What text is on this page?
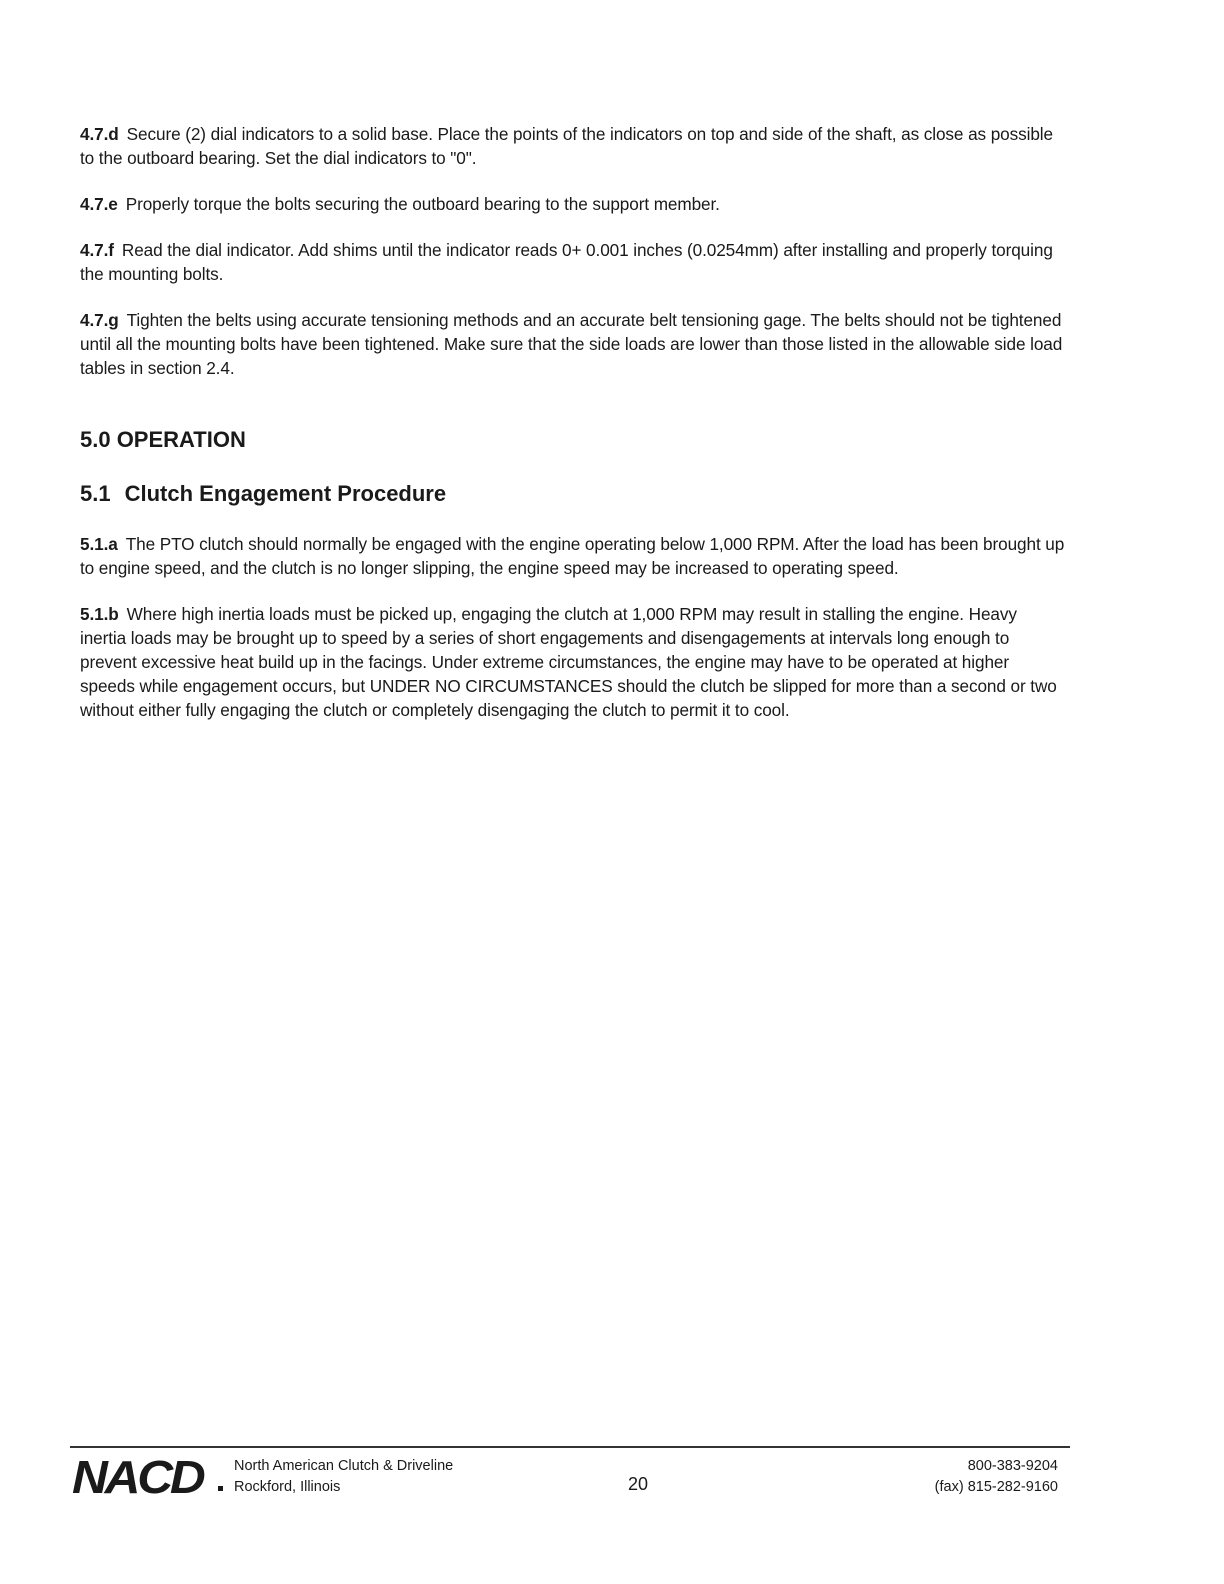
4.7.d Secure (2) dial indicators to a solid base. Place the points of the indicators on top and side of the shaft, as close as possible to the outboard bearing. Set the dial indicators to "0".

4.7.e Properly torque the bolts securing the outboard bearing to the support member.

4.7.f Read the dial indicator. Add shims until the indicator reads 0+ 0.001 inches (0.0254mm) after installing and properly torquing the mounting bolts.

4.7.g Tighten the belts using accurate tensioning methods and an accurate belt tensioning gage. The belts should not be tightened until all the mounting bolts have been tightened. Make sure that the side loads are lower than those listed in the allowable side load tables in section 2.4.

5.0 OPERATION
5.1 Clutch Engagement Procedure

5.1.a The PTO clutch should normally be engaged with the engine operating below 1,000 RPM. After the load has been brought up to engine speed, and the clutch is no longer slipping, the engine speed may be increased to operating speed.

5.1.b Where high inertia loads must be picked up, engaging the clutch at 1,000 RPM may result in stalling the engine. Heavy inertia loads may be brought up to speed by a series of short engagements and disengagements at intervals long enough to prevent excessive heat build up in the facings. Under extreme circumstances, the engine may have to be operated at higher speeds while engagement occurs, but UNDER NO CIRCUMSTANCES should the clutch be slipped for more than a second or two without either fully engaging the clutch or completely disengaging the clutch to permit it to cool.

NACD North American Clutch & Driveline
Rockford, Illinois	20
800-383-9204
(fax) 815-282-9160
